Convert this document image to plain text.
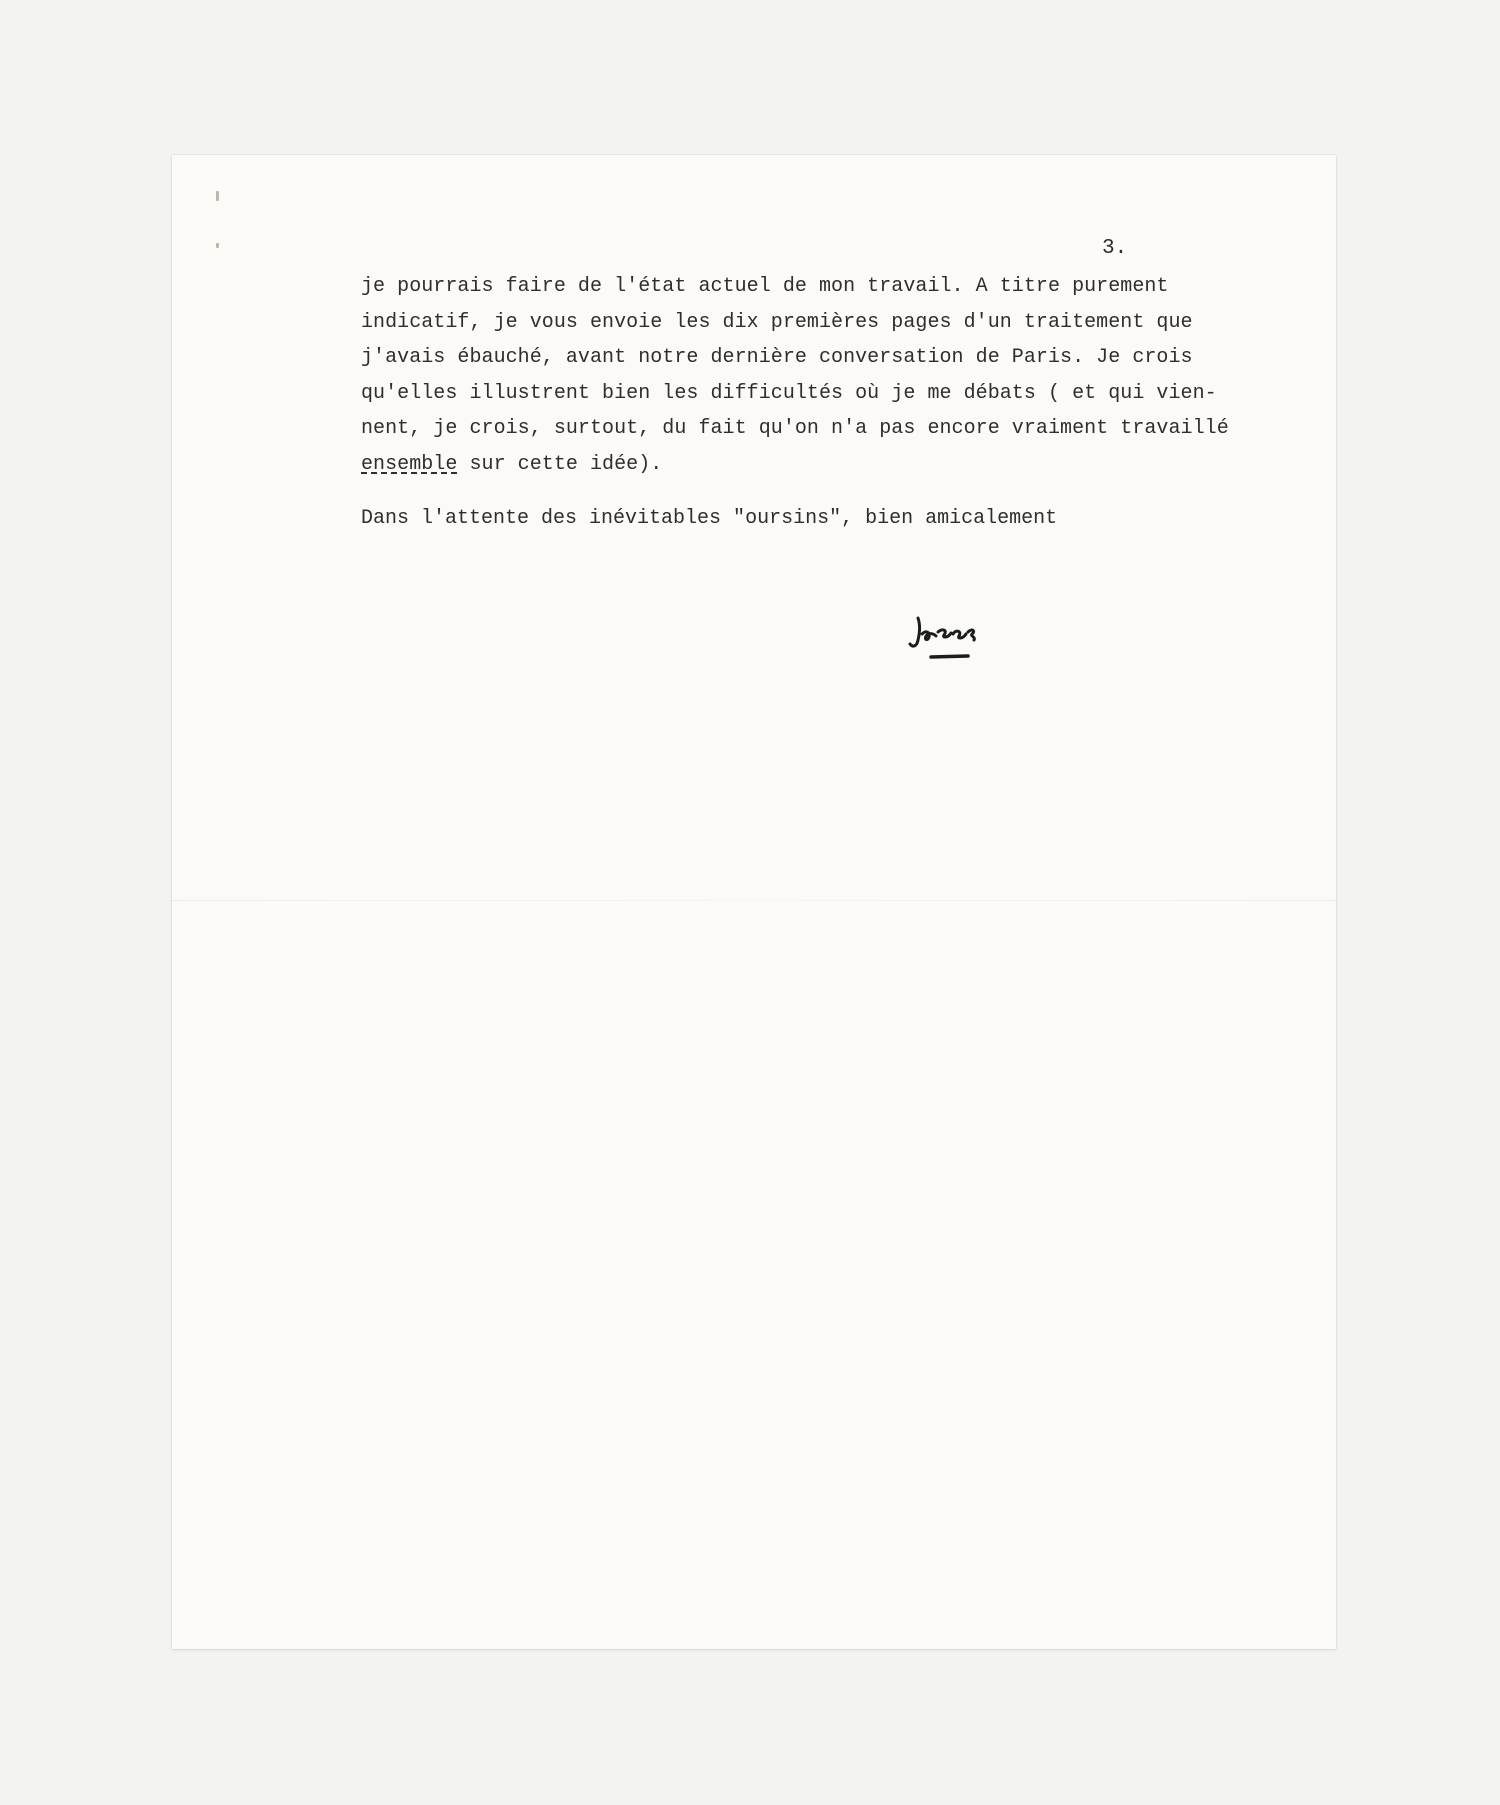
3.
je pourrais faire de l'état actuel de mon travail. A titre purement
indicatif, je vous envoie les dix premières pages d'un traitement que
j'avais ébauché, avant notre dernière conversation de Paris. Je crois
qu'elles illustrent bien les difficultés où je me débats ( et qui vien-
nent, je crois, surtout, du fait qu'on n'a pas encore vraiment travaillé
ensemble sur cette idée).
Dans l'attente des inévitables "oursins", bien amicalement
